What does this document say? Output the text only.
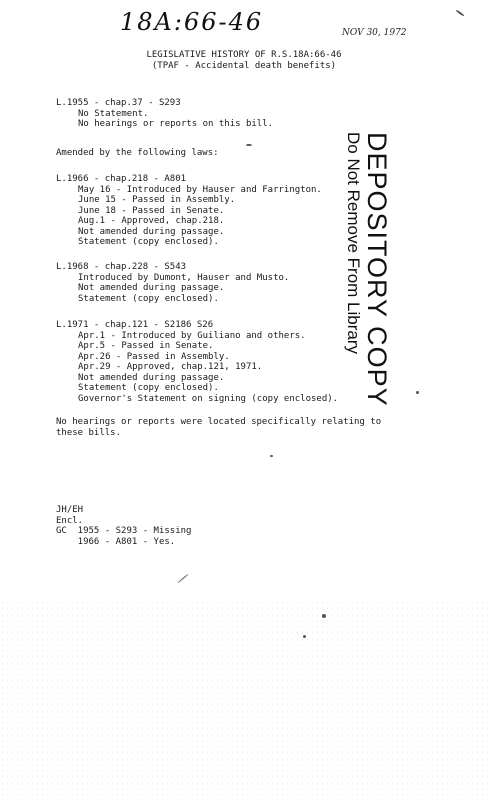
18A:66-46	NOV 30, 1972
LEGISLATIVE HISTORY OF R.S.18A:66-46
(TPAF - Accidental death benefits)
L.1955 - chap.37 - S293
No Statement.
No hearings or reports on this bill.
Amended by the following laws:
L.1966 - chap.218 - A801
May 16 - Introduced by Hauser and Farrington.
June 15 - Passed in Assembly.
June 18 - Passed in Senate.
Aug.1 - Approved, chap.218.
Not amended during passage.
Statement (copy enclosed).
L.1968 - chap.228 - S543
Introduced by Dumont, Hauser and Musto.
Not amended during passage.
Statement (copy enclosed).
L.1971 - chap.121 - S2186 S26
Apr.1 - Introduced by Guiliano and others.
Apr.5 - Passed in Senate.
Apr.26 - Passed in Assembly.
Apr.29 - Approved, chap.121, 1971.
Not amended during passage.
Statement (copy enclosed).
Governor's Statement on signing (copy enclosed).
No hearings or reports were located specifically relating to
these bills.
JH/EH
Encl.
GC  1955 - S293 - Missing
1966 - A801 - Yes.
DEPOSITORY COPY
Do Not Remove From Library
